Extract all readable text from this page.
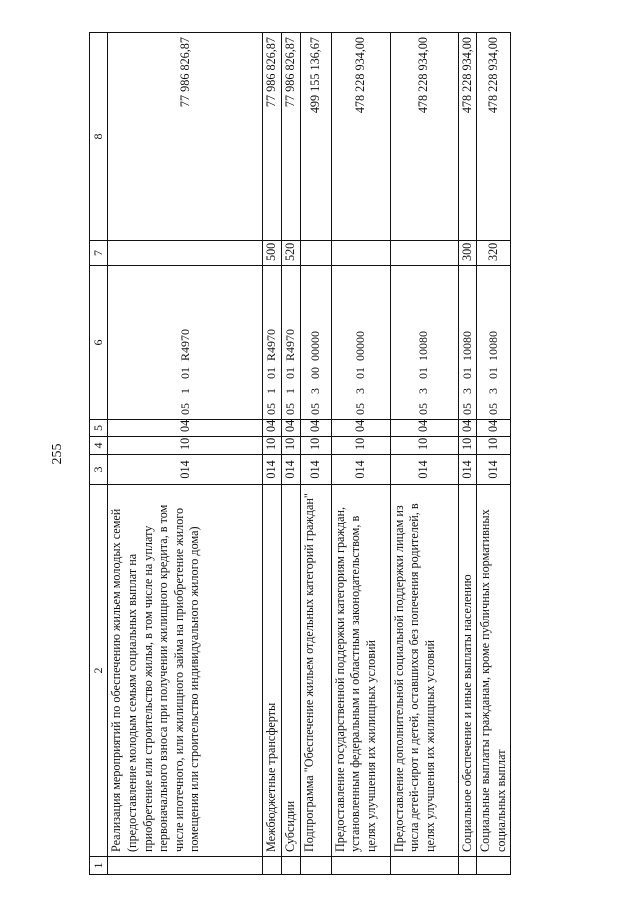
255
1	2	3	4	5	6	7	8
	Реализация мероприятий по обеспечению жильем молодых семей (предоставление молодым семьям социальных выплат на приобретение или строительство жилья, в том числе на уплату первоначального взноса при получении жилищного кредита, в том числе ипотечного, или жилищного займа на приобретение жилого помещения или строительство индивидуального жилого дома)	014	10	04	05   1   01  R4970		77 986 826,87
	Межбюджетные трансферты	014	10	04	05   1   01  R4970	500	77 986 826,87
	Субсидии	014	10	04	05   1   01  R4970	520	77 986 826,87
	Подпрограмма "Обеспечение жильем отдельных категорий граждан"	014	10	04	05   3   00  00000		499 155 136,67
	Предоставление государственной поддержки категориям граждан, установленным федеральным и областным законодательством, в целях улучшения их жилищных условий	014	10	04	05   3   01  00000		478 228 934,00
	Предоставление дополнительной социальной поддержки лицам из числа детей-сирот и детей, оставшихся без попечения родителей, в целях улучшения их жилищных условий	014	10	04	05   3   01  10080		478 228 934,00
	Социальное обеспечение и иные выплаты населению	014	10	04	05   3   01  10080	300	478 228 934,00
	Социальные выплаты гражданам, кроме публичных нормативных социальных выплат	014	10	04	05   3   01  10080	320	478 228 934,00
